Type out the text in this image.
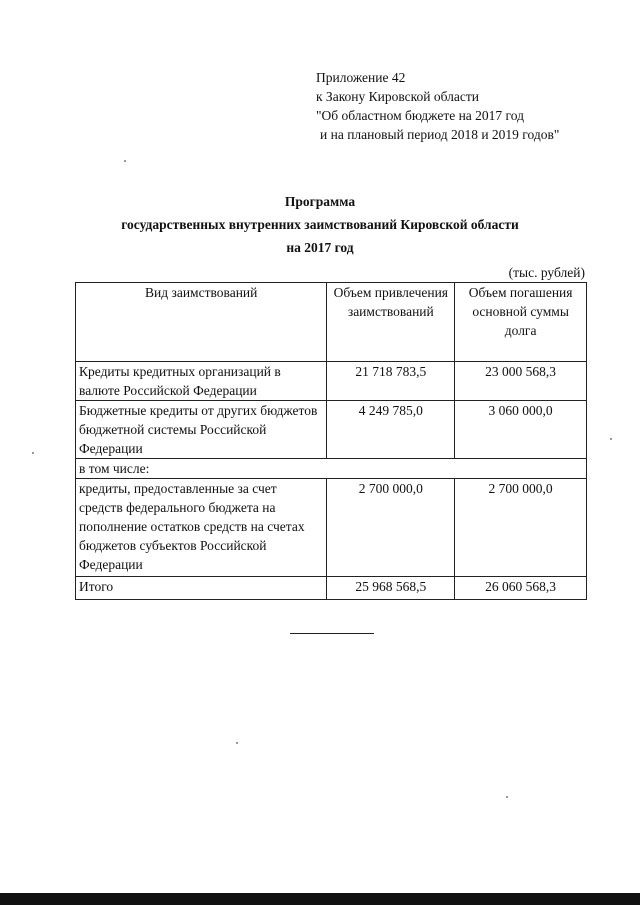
Приложение 42
к Закону Кировской области
"Об областном бюджете на 2017 год
и на плановый период 2018 и 2019 годов"
Программа
государственных внутренних заимствований Кировской области
на 2017 год
(тыс. рублей)
Вид заимствований	Объем привлечения заимствований	Объем погашения основной суммы долга
Кредиты кредитных организаций в валюте Российской Федерации	21 718 783,5	23 000 568,3
Бюджетные кредиты от других бюджетов бюджетной системы Российской Федерации	4 249 785,0	3 060 000,0
в том числе:		
кредиты, предоставленные за счет средств федерального бюджета на пополнение остатков средств на счетах бюджетов субъектов Российской Федерации	2 700 000,0	2 700 000,0
Итого	25 968 568,5	26 060 568,3
